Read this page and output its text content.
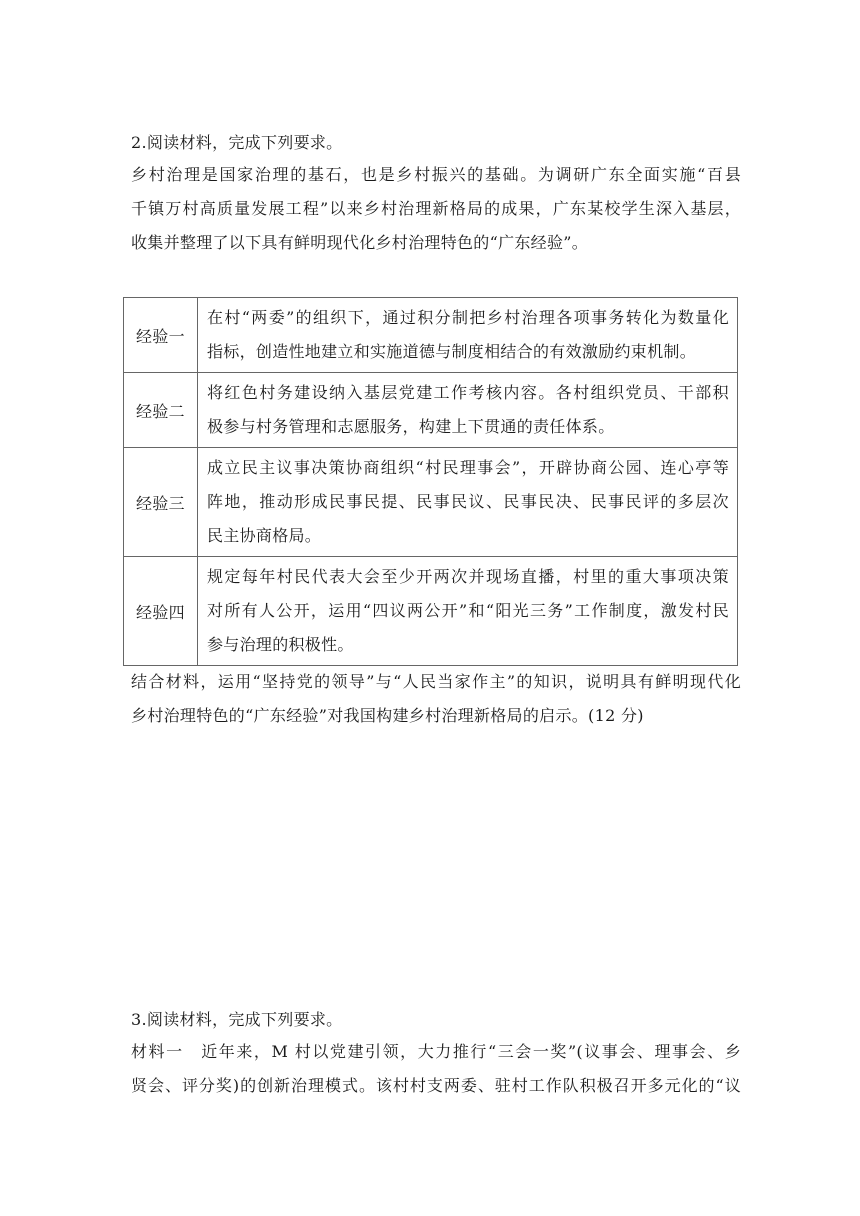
2.阅读材料，完成下列要求。
乡村治理是国家治理的基石，也是乡村振兴的基础。为调研广东全面实施“百县
千镇万村高质量发展工程”以来乡村治理新格局的成果，广东某校学生深入基层，
收集并整理了以下具有鲜明现代化乡村治理特色的“广东经验”。
经验一	在村“两委”的组织下，通过积分制把乡村治理各项事务转化为数量化
指标，创造性地建立和实施道德与制度相结合的有效激励约束机制。

经验二	将红色村务建设纳入基层党建工作考核内容。各村组织党员、干部积
极参与村务管理和志愿服务，构建上下贯通的责任体系。

经验三	成立民主议事决策协商组织“村民理事会”，开辟协商公园、连心亭等
阵地，推动形成民事民提、民事民议、民事民决、民事民评的多层次
民主协商格局。

经验四	规定每年村民代表大会至少开两次并现场直播，村里的重大事项决策
对所有人公开，运用“四议两公开”和“阳光三务”工作制度，激发村民
参与治理的积极性。
结合材料，运用“坚持党的领导”与“人民当家作主”的知识，说明具有鲜明现代化
乡村治理特色的“广东经验”对我国构建乡村治理新格局的启示。(12 分)
3.阅读材料，完成下列要求。
材料一　近年来，M 村以党建引领，大力推行“三会一奖”(议事会、理事会、乡
贤会、评分奖)的创新治理模式。该村村支两委、驻村工作队积极召开多元化的“议
